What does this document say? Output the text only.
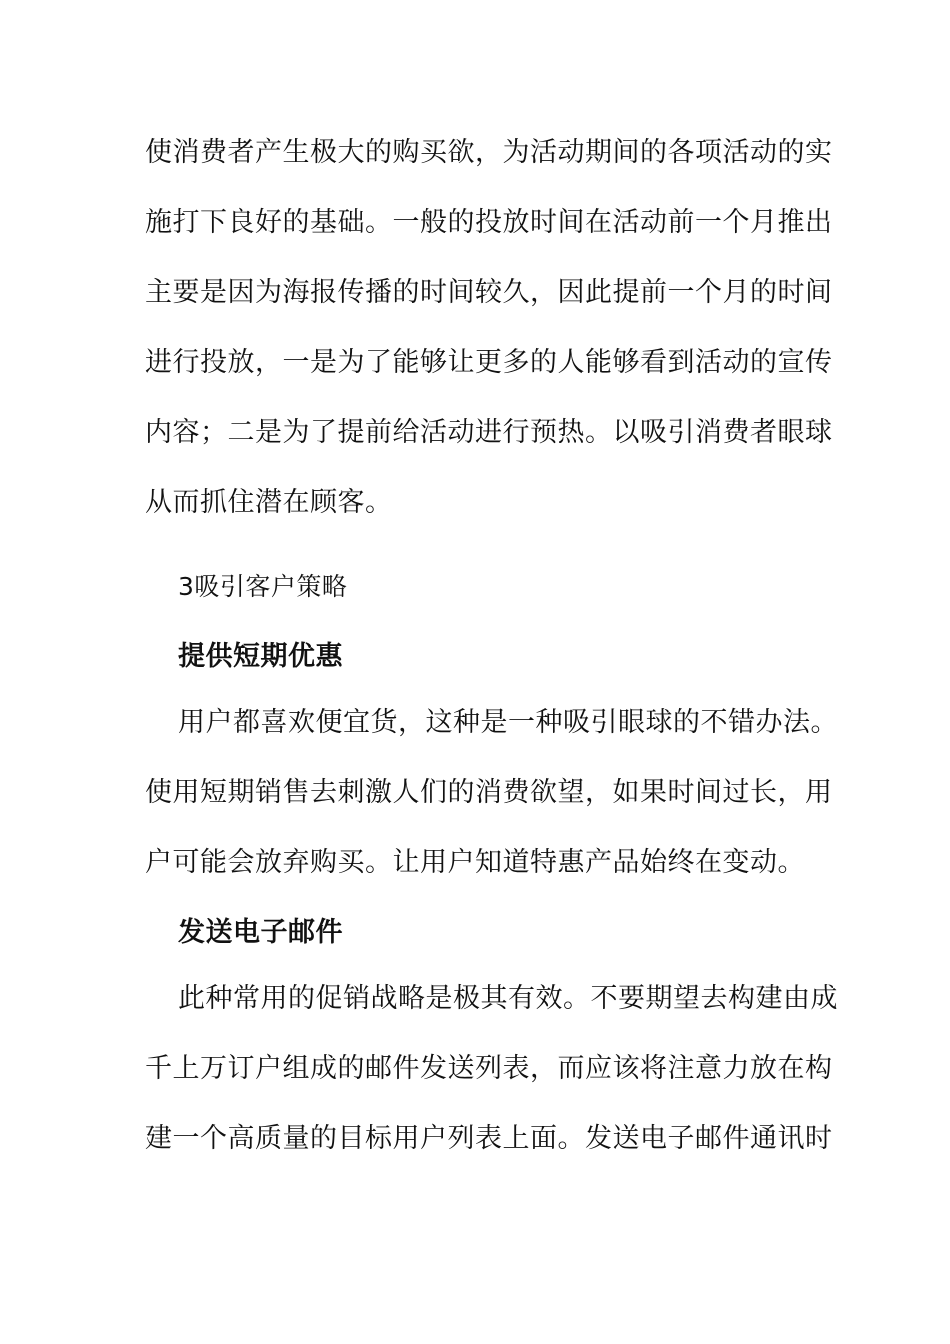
使消费者产生极大的购买欲，为活动期间的各项活动的实
施打下良好的基础。一般的投放时间在活动前一个月推出
主要是因为海报传播的时间较久，因此提前一个月的时间
进行投放，一是为了能够让更多的人能够看到活动的宣传
内容；二是为了提前给活动进行预热。以吸引消费者眼球
从而抓住潜在顾客。
3吸引客户策略
提供短期优惠
用户都喜欢便宜货，这种是一种吸引眼球的不错办法。
使用短期销售去刺激人们的消费欲望，如果时间过长，用
户可能会放弃购买。让用户知道特惠产品始终在变动。
发送电子邮件
此种常用的促销战略是极其有效。不要期望去构建由成
千上万订户组成的邮件发送列表，而应该将注意力放在构
建一个高质量的目标用户列表上面。发送电子邮件通讯时
